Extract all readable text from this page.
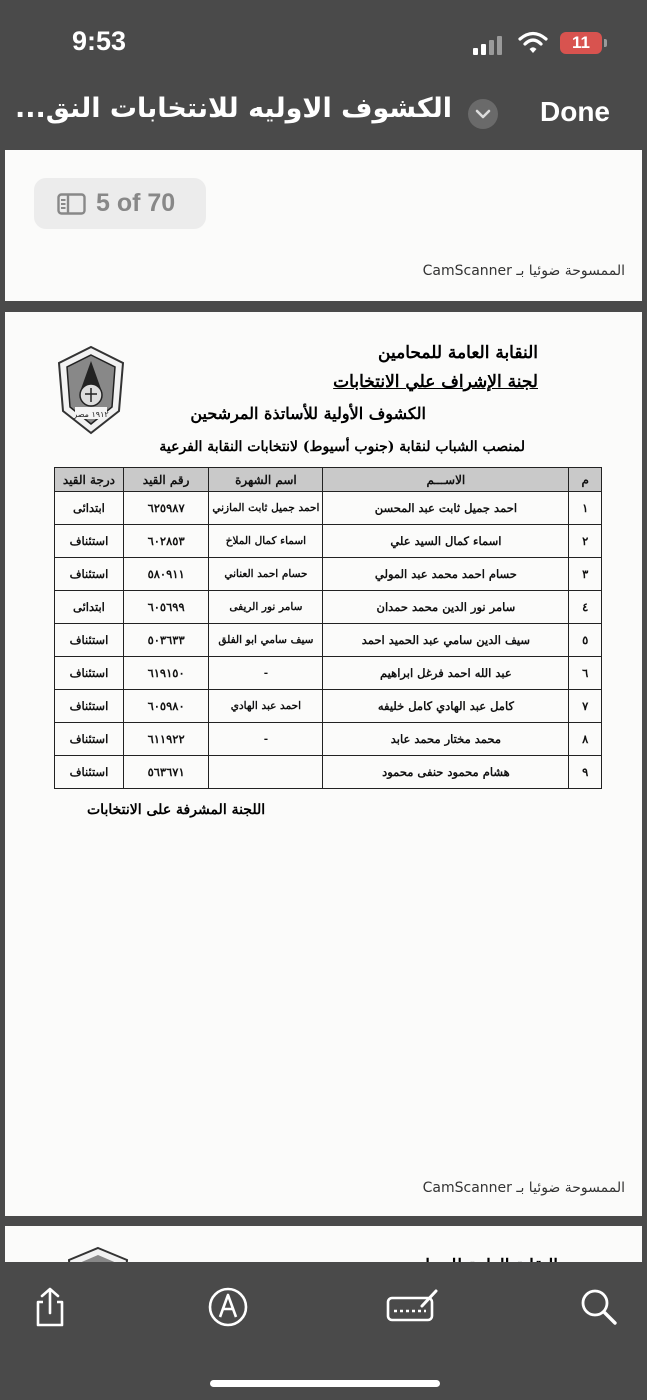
9:53	11
الكشوف الاوليه للانتخابات النق...	Done
5 of 70
الممسوحة ضوئيا بـ CamScanner
١٩١٢ مصر
النقابة العامة للمحامين
لجنة الإشراف علي الانتخابات
الكشوف الأولية للأساتذة المرشحين
لمنصب الشباب لنقابة (جنوب أسيوط) لانتخابات النقابة الفرعية
م	الاســـم	اسم الشهرة	رقم القيد	درجة القيد
١	احمد جميل ثابت عبد المحسن	احمد جميل ثابت المازني	٦٢٥٩٨٧	ابتدائى
٢	اسماء كمال السيد علي	اسماء كمال الملاخ	٦٠٢٨٥٣	استئناف
٣	حسام احمد محمد عبد المولي	حسام احمد العناني	٥٨٠٩١١	استئناف
٤	سامر نور الدين محمد حمدان	سامر نور الريفى	٦٠٥٦٩٩	ابتدائى
٥	سيف الدين سامي عبد الحميد احمد	سيف سامي ابو الفلق	٥٠٣٦٣٣	استئناف
٦	عبد الله احمد فرغل ابراهيم	-	٦١٩١٥٠	استئناف
٧	كامل عبد الهادي كامل خليفه	احمد عبد الهادي	٦٠٥٩٨٠	استئناف
٨	محمد مختار محمد عابد	-	٦١١٩٢٢	استئناف
٩	هشام محمود حنفى محمود		٥٦٣٦٧١	استئناف
اللجنة المشرفة على الانتخابات
الممسوحة ضوئيا بـ CamScanner
